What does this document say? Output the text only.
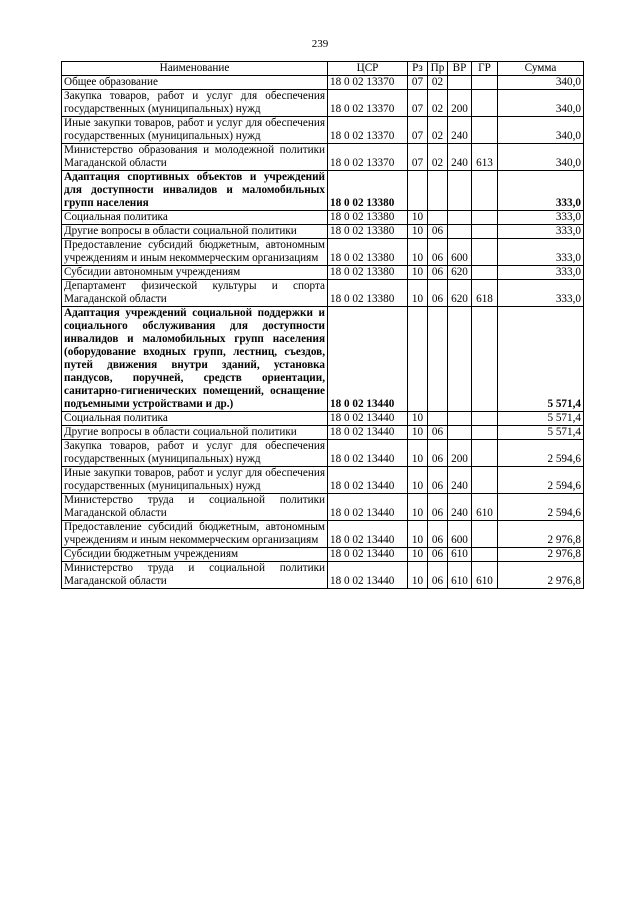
239
Наименование	ЦСР	Рз	Пр	ВР	ГР	Сумма
Общее образование	18 0 02 13370	07	02			340,0
Закупка товаров, работ и услуг для обеспечения государственных (муниципальных) нужд	18 0 02 13370	07	02	200		340,0
Иные закупки товаров, работ и услуг для обеспечения государственных (муниципальных) нужд	18 0 02 13370	07	02	240		340,0
Министерство образования и молодежной политики Магаданской области	18 0 02 13370	07	02	240	613	340,0
Адаптация спортивных объектов и учреждений для доступности инвалидов и маломобильных групп населения	18 0 02 13380					333,0
Социальная политика	18 0 02 13380	10				333,0
Другие вопросы в области социальной политики	18 0 02 13380	10	06			333,0
Предоставление субсидий бюджетным, автономным учреждениям и иным некоммерческим организациям	18 0 02 13380	10	06	600		333,0
Субсидии автономным учреждениям	18 0 02 13380	10	06	620		333,0
Департамент физической культуры и спорта Магаданской области	18 0 02 13380	10	06	620	618	333,0
Адаптация учреждений социальной поддержки и социального обслуживания для доступности инвалидов и маломобильных групп населения (оборудование входных групп, лестниц, съездов, путей движения внутри зданий, установка пандусов, поручней, средств ориентации, санитарно-гигиенических помещений, оснащение подъемными устройствами и др.)	18 0 02 13440					5 571,4
Социальная политика	18 0 02 13440	10				5 571,4
Другие вопросы в области социальной политики	18 0 02 13440	10	06			5 571,4
Закупка товаров, работ и услуг для обеспечения государственных (муниципальных) нужд	18 0 02 13440	10	06	200		2 594,6
Иные закупки товаров, работ и услуг для обеспечения государственных (муниципальных) нужд	18 0 02 13440	10	06	240		2 594,6
Министерство труда и социальной политики Магаданской области	18 0 02 13440	10	06	240	610	2 594,6
Предоставление субсидий бюджетным, автономным учреждениям и иным некоммерческим организациям	18 0 02 13440	10	06	600		2 976,8
Субсидии бюджетным учреждениям	18 0 02 13440	10	06	610		2 976,8
Министерство труда и социальной политики Магаданской области	18 0 02 13440	10	06	610	610	2 976,8
